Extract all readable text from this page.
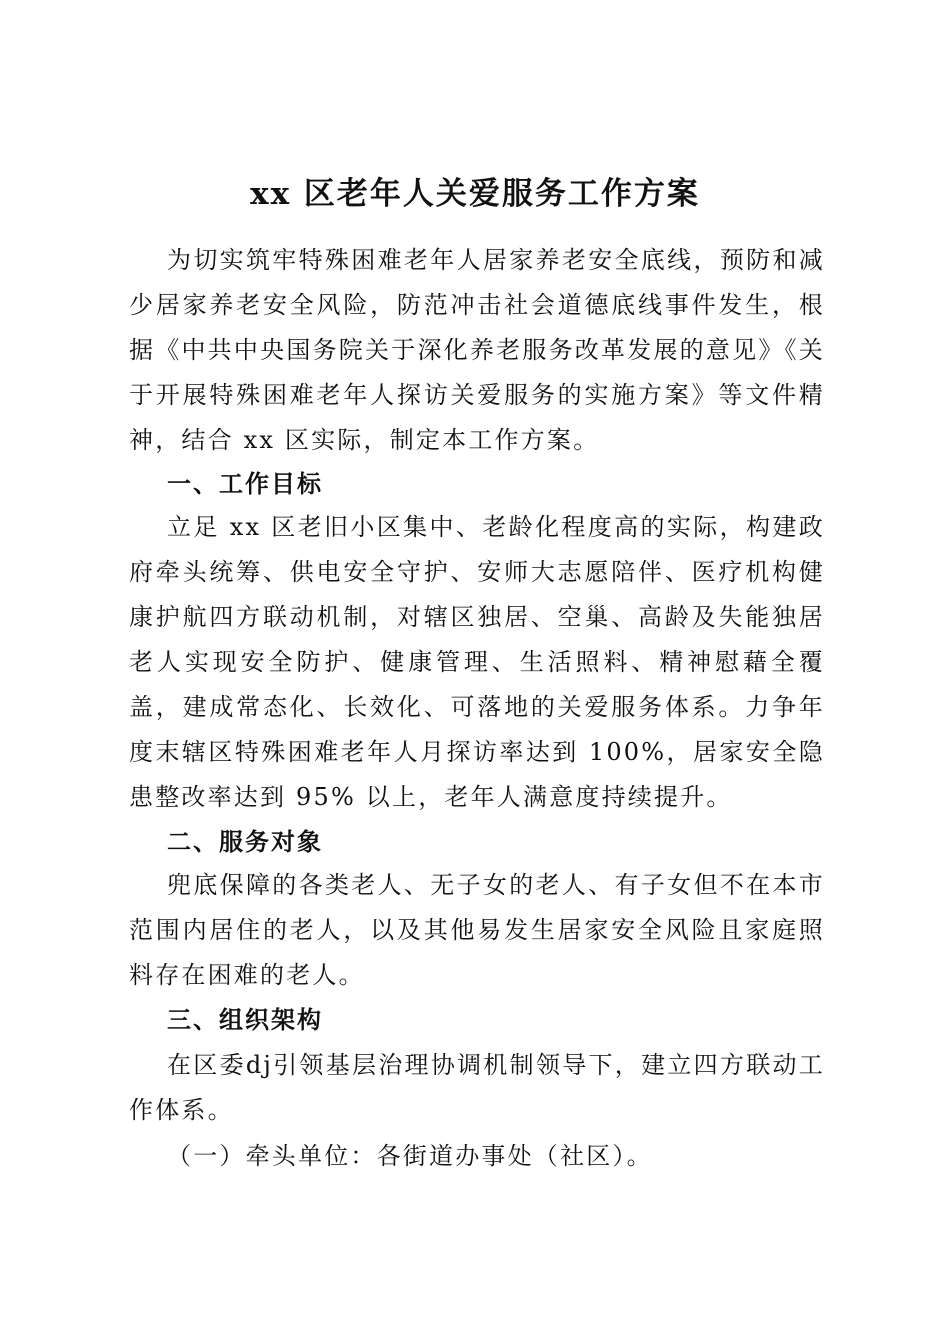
xx 区老年人关爱服务工作方案

为切实筑牢特殊困难老年人居家养老安全底线，预防和减少居家养老安全风险，防范冲击社会道德底线事件发生，根据《中共中央国务院关于深化养老服务改革发展的意见》《关于开展特殊困难老年人探访关爱服务的实施方案》等文件精神，结合 xx 区实际，制定本工作方案。

一、工作目标

立足 xx 区老旧小区集中、老龄化程度高的实际，构建政府牵头统筹、供电安全守护、安师大志愿陪伴、医疗机构健康护航四方联动机制，对辖区独居、空巢、高龄及失能独居老人实现安全防护、健康管理、生活照料、精神慰藉全覆盖，建成常态化、长效化、可落地的关爱服务体系。力争年度末辖区特殊困难老年人月探访率达到 100%，居家安全隐患整改率达到 95% 以上，老年人满意度持续提升。

二、服务对象

兜底保障的各类老人、无子女的老人、有子女但不在本市范围内居住的老人，以及其他易发生居家安全风险且家庭照料存在困难的老人。

三、组织架构

在区委dj引领基层治理协调机制领导下，建立四方联动工作体系。

（一）牵头单位：各街道办事处（社区）。
